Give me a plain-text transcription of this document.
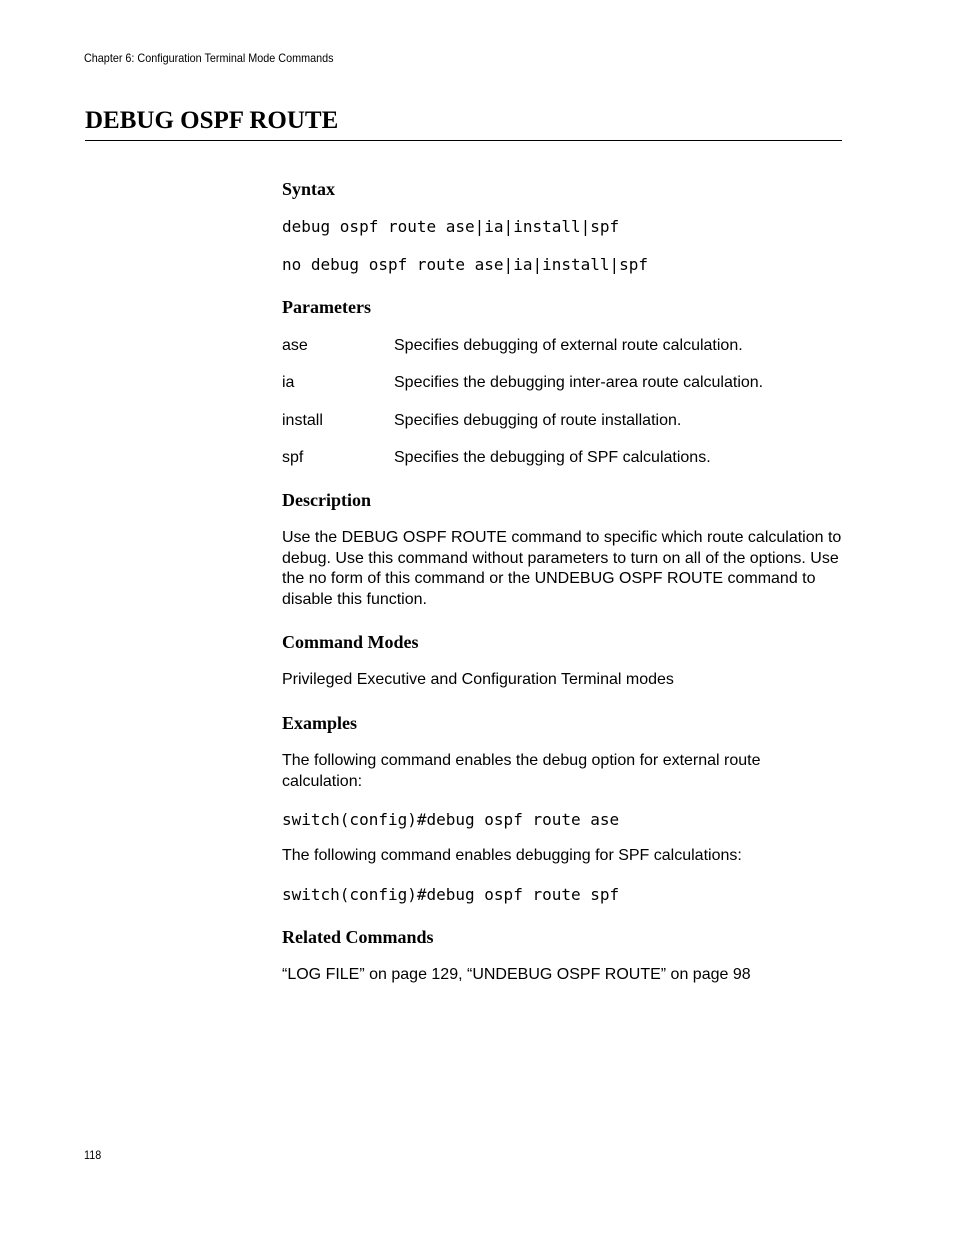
Chapter 6: Configuration Terminal Mode Commands
DEBUG OSPF ROUTE
Syntax
debug ospf route ase|ia|install|spf
no debug ospf route ase|ia|install|spf
Parameters
ase	Specifies debugging of external route calculation.
ia	Specifies the debugging inter-area route calculation.
install	Specifies debugging of route installation.
spf	Specifies the debugging of SPF calculations.
Description

Use the DEBUG OSPF ROUTE command to specific which route calculation to debug. Use this command without parameters to turn on all of the options. Use the no form of this command or the UNDEBUG OSPF ROUTE command to disable this function.

Command Modes

Privileged Executive and Configuration Terminal modes

Examples

The following command enables the debug option for external route calculation:

switch(config)#debug ospf route ase

The following command enables debugging for SPF calculations:

switch(config)#debug ospf route spf
Related Commands

“LOG FILE” on page 129, “UNDEBUG OSPF ROUTE” on page 98

118
